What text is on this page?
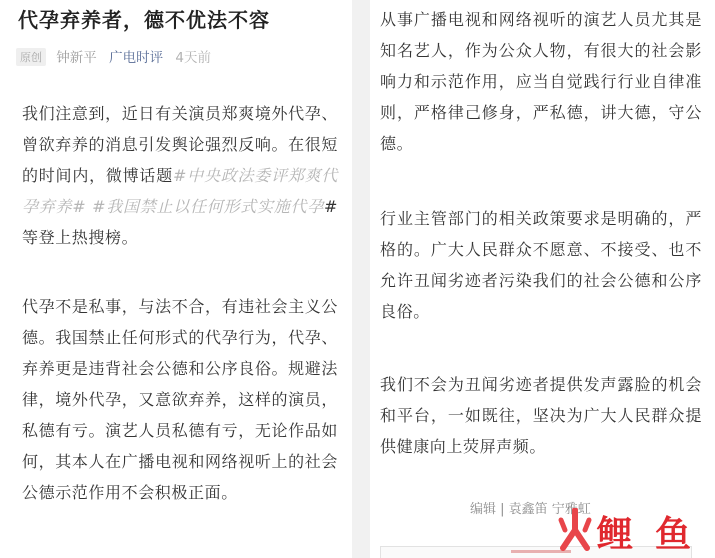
代孕弃养者，德不优法不容
原创 钟新平 广电时评 4天前

我们注意到，近日有关演员郑爽境外代孕、曾欲弃养的消息引发舆论强烈反响。在很短的时间内，微博话题#中央政法委评郑爽代孕弃养# #我国禁止以任何形式实施代孕#等登上热搜榜。

代孕不是私事，与法不合，有违社会主义公德。我国禁止任何形式的代孕行为，代孕、弃养更是违背社会公德和公序良俗。规避法律，境外代孕，又意欲弃养，这样的演员，私德有亏。演艺人员私德有亏，无论作品如何，其本人在广播电视和网络视听上的社会公德示范作用不会积极正面。

从事广播电视和网络视听的演艺人员尤其是知名艺人，作为公众人物，有很大的社会影响力和示范作用，应当自觉践行行业自律准则，严格律己修身，严私德，讲大德，守公德。

行业主管部门的相关政策要求是明确的，严格的。广大人民群众不愿意、不接受、也不允许丑闻劣迹者污染我们的社会公德和公序良俗。

我们不会为丑闻劣迹者提供发声露脸的机会和平台，一如既往，坚决为广大人民群众提供健康向上荧屏声频。

编辑 | 袁鑫笛 宁雅虹
鲤 鱼
